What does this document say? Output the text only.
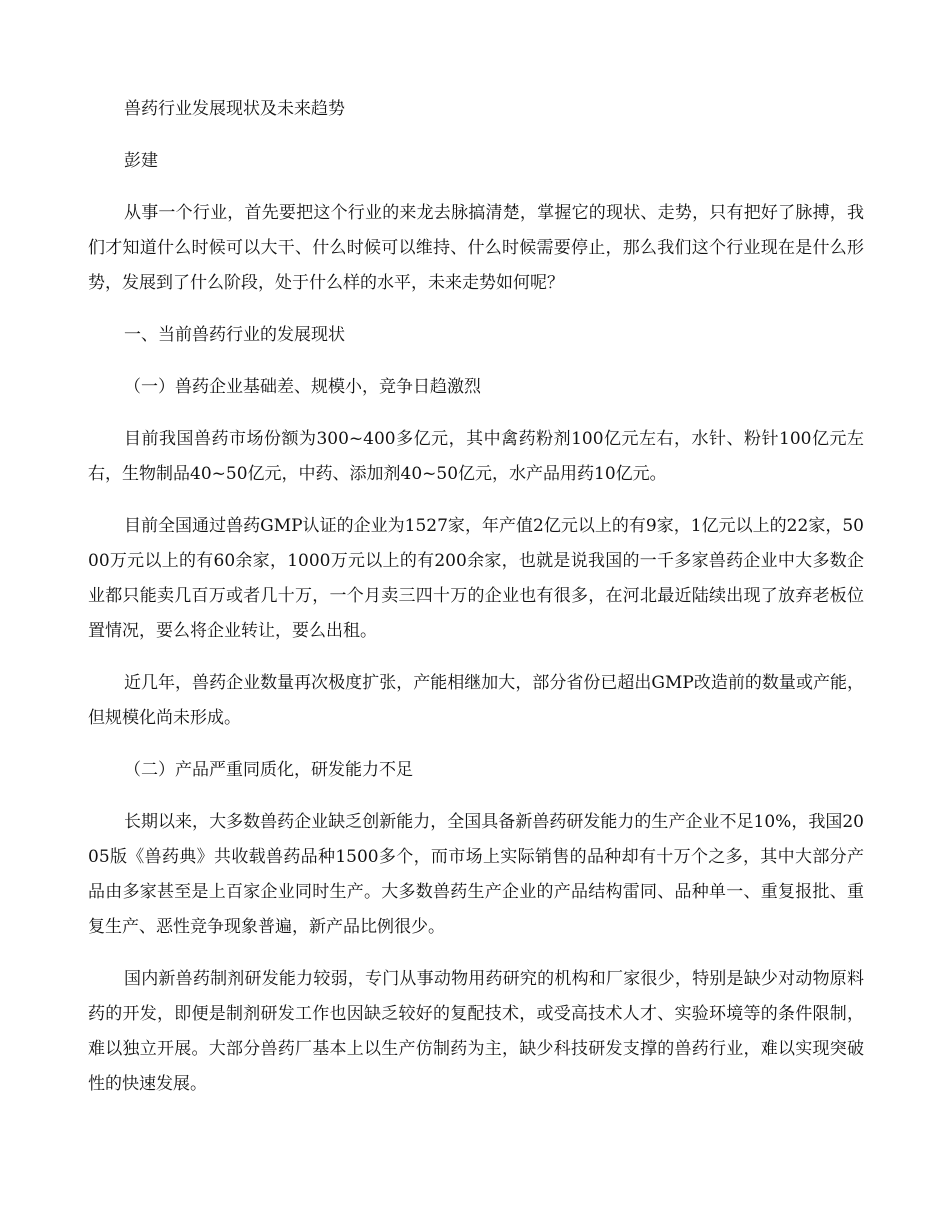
兽药行业发展现状及未来趋势

彭建

从事一个行业，首先要把这个行业的来龙去脉搞清楚，掌握它的现状、走势，只有把好了脉搏，我们才知道什么时候可以大干、什么时候可以维持、什么时候需要停止，那么我们这个行业现在是什么形势，发展到了什么阶段，处于什么样的水平，未来走势如何呢？

一、当前兽药行业的发展现状

（一）兽药企业基础差、规模小，竞争日趋激烈

目前我国兽药市场份额为300~400多亿元，其中禽药粉剂100亿元左右，水针、粉针100亿元左右，生物制品40~50亿元，中药、添加剂40~50亿元，水产品用药10亿元。

目前全国通过兽药GMP认证的企业为1527家，年产值2亿元以上的有9家，1亿元以上的22家，5000万元以上的有60余家，1000万元以上的有200余家，也就是说我国的一千多家兽药企业中大多数企业都只能卖几百万或者几十万，一个月卖三四十万的企业也有很多，在河北最近陆续出现了放弃老板位置情况，要么将企业转让，要么出租。

近几年，兽药企业数量再次极度扩张，产能相继加大，部分省份已超出GMP改造前的数量或产能，但规模化尚未形成。

（二）产品严重同质化，研发能力不足

长期以来，大多数兽药企业缺乏创新能力，全国具备新兽药研发能力的生产企业不足10%，我国2005版《兽药典》共收载兽药品种1500多个，而市场上实际销售的品种却有十万个之多，其中大部分产品由多家甚至是上百家企业同时生产。大多数兽药生产企业的产品结构雷同、品种单一、重复报批、重复生产、恶性竞争现象普遍，新产品比例很少。

国内新兽药制剂研发能力较弱，专门从事动物用药研究的机构和厂家很少，特别是缺少对动物原料药的开发，即便是制剂研发工作也因缺乏较好的复配技术，或受高技术人才、实验环境等的条件限制，难以独立开展。大部分兽药厂基本上以生产仿制药为主，缺少科技研发支撑的兽药行业，难以实现突破性的快速发展。
